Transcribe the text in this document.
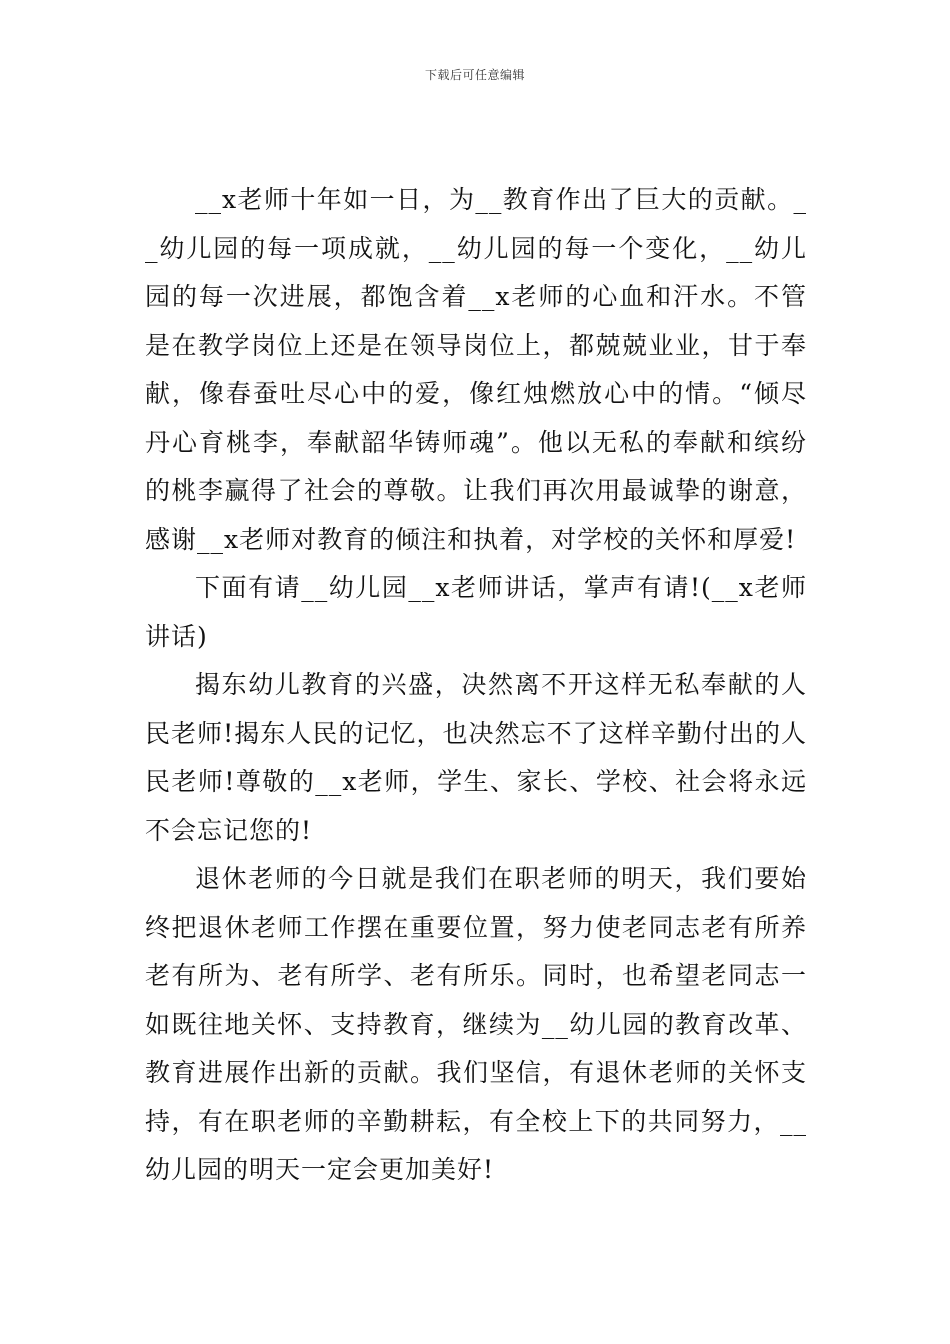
下载后可任意编辑

__x老师十年如一日，为__教育作出了巨大的贡献。__幼儿园的每一项成就，__幼儿园的每一个变化，__幼儿园的每一次进展，都饱含着__x老师的心血和汗水。不管是在教学岗位上还是在领导岗位上，都兢兢业业，甘于奉献，像春蚕吐尽心中的爱，像红烛燃放心中的情。“倾尽丹心育桃李，奉献韶华铸师魂”。他以无私的奉献和缤纷的桃李赢得了社会的尊敬。让我们再次用最诚挚的谢意，感谢__x老师对教育的倾注和执着，对学校的关怀和厚爱!

下面有请__幼儿园__x老师讲话，掌声有请!(__x老师讲话)

揭东幼儿教育的兴盛，决然离不开这样无私奉献的人民老师!揭东人民的记忆，也决然忘不了这样辛勤付出的人民老师!尊敬的__x老师，学生、家长、学校、社会将永远不会忘记您的!

退休老师的今日就是我们在职老师的明天，我们要始终把退休老师工作摆在重要位置，努力使老同志老有所养老有所为、老有所学、老有所乐。同时，也希望老同志一如既往地关怀、支持教育，继续为__幼儿园的教育改革、教育进展作出新的贡献。我们坚信，有退休老师的关怀支持，有在职老师的辛勤耕耘，有全校上下的共同努力，__幼儿园的明天一定会更加美好!
